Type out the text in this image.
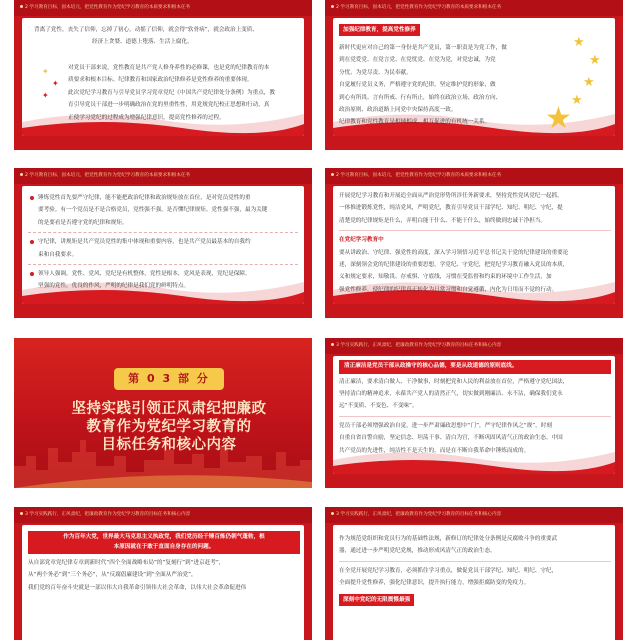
2 学习教育目标，固本培元，把党性教育作为党纪学习教育的本质要求和根本任务
✦
✦
✦
背离了党性，丧失了信仰，忘掉了初心，动摇了信仰，就会得“软骨病”，就会政治上变质、
经济上贪婪、道德上堕落、生活上腐化。
对党员干部来说，党性教育是共产党人修身养性的必修课，也是党的纪律教育的本
质要求和根本目标。纪律教育和国家政治纪律修养是党性修养的重要体现。
此次党纪学习教育与引导党员学习党章党纪《中国共产党纪律处分条例》为重点，教
育引导党员干部进一步明确政治在党的里重性性，用党规党纪校正思想和行动，真
正使学习党纪的过程成为增强纪律意识，提高党性修养的过程。
2 学习教育目标，固本培元，把党性教育作为党纪学习教育的本质要求和根本任务
加强纪律教育，提高党性修养
新时代更应对自己的第一身份是共产党员，第一职责是为党工作，做
到在党爱党、在党言党、在党忧党、在党为党，对党忠诚，为党
分忧、为党尽责、为民奉献。
自觉履行党员义务，严格遵守党的纪律，坚定维护党的形象，做
到心有所畏、言有所戒、行有所止，始终在政治立场、政治方向、
政治原则、政治道路上同党中央保持高度一致。
纪律教育和党性教育是相辅相成、相互促进的有机统一关系。
★
★
★
★
★
2 学习教育目标，固本培元，把党性教育作为党纪学习教育的本质要求和根本任务
锤炼党性首先要严守纪律，能不能把政治纪律和政治规矩放在首位，是对党员党性的重
要考验。有一个党员是不是合格党员，党性强不强，是否懂纪律规矩。党性强不强，最为关键
的是要看是否遵守党的纪律和规矩。
守纪律，讲规矩是共产党员党性的集中体现和重要内容，也是共产党员最基本的自我约
束和自我要求。
领导人强调，党性、党风、党纪是有机整体，党性是根本，党风是表现，党纪是保障。
坚强的党性，优良的作风，严明的纪律是我们党的鲜明特点。
2 学习教育目标，固本培元，把党性教育作为党纪学习教育的本质要求和根本任务
开展党纪学习教育和开展追全面从严治党形势所涉任务新要求，坚持党性党风党纪一起抓，
一体推进锻炼党性，纯洁党风，严明党纪，教育引导党员干部学纪、知纪、明纪、守纪，提
清楚党的纪律规矩是什么，弄明白能干什么、不能干什么，始终做到忠诚干净担当。
在党纪学习教育中
要从讲政治、守纪律、强党性的高度，深入学习领悟习近平总书记关于党的纪律建设的重要论
述，深刻领会党的纪律建设的重要思想，学党纪、守党纪，把党纪学习教育融入党员的本质，
义和规定要求，知敬畏、存戒惧、守底线，习惯在受监督和约束的环境中工作生活，加
强党性修养，使纪律的纪律真正转化为日常习惯和自觉遵循，内化为日用而不觉的行动。
第 0 3 部 分
坚持实践引领正风肃纪把廉政
教育作为党纪学习教育的
目标任务和核心内容
3 学习实践践行，正风肃纪，把廉政教育作为党纪学习教育的目标任务和核心内容
清正廉洁是党员干部从政操守的核心品德，要是从政道德的原则底线。
清正廉洁，要求清白做人、干净做事，时刻把党和人民的利益放在首位，严格遵守党纪国法，
坚持清白的精神追求，永葆共产党人的清然正气，切实做到刚廉洁、永不沾，确保我们党永
远“不变质、不变色、不变味”。
党员干部必须增强政治自觉，进一步严肃廉政思想中“门”，严守纪律作风之“规”，时刻
自重自省自警自励，坚定信念、坦荡干事、清白为官，不断巩固风清气正的政治生态。中国
共产党员的先进性，纯洁性不是天生的，而是在不断自我革命中锤炼而成的。
3 学习实践践行，正风肃纪，把廉政教育作为党纪学习教育的目标任务和核心内容
作为百年大党，世界最大马克思主义执政党，我们党历经千锤百炼仍朝气蓬勃，根
本原因就在于敢于直面自身存在的问题。
从自部党章党纪律专章到新时代“四个全面战略布局”的“复刻行”到“进京赶考”，
从“两个务必”到“三个务必”，从“反腐倡廉建设”到“全面从严治党”，
我们党的百年奋斗史就是一部以伟大自我革命引领伟大社会革命，以伟大社会革命促进伟
3 学习实践践行，正风肃纪，把廉政教育作为党纪学习教育的目标任务和核心内容
作为规范党组织和党员行为的基础性法规，新修订的纪律处分条例是反腐败斗争的重要武
器，通过进一步严明党纪党规，推动形成风清气正的政治生态。
在全党开展党纪学习教育，必须抓住学习重点，做促党员干部学纪、知纪、明纪、守纪，
全面提升党性修养，强化纪律意识，提升执行能力，增强拒腐防变的免疫力。
深刻中党纪的无限震慑最强
